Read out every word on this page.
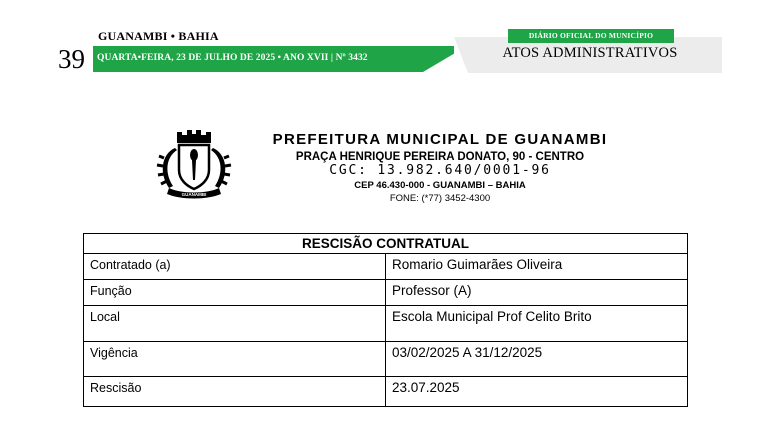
GUANAMBI • BAHIA
39 QUARTA•FEIRA, 23 DE JULHO DE 2025 • ANO XVII | Nº 3432
DIÁRIO OFICIAL DO MUNICÍPIO
ATOS ADMINISTRATIVOS
GUANAMBI
PREFEITURA MUNICIPAL DE GUANAMBI
PRAÇA HENRIQUE PEREIRA DONATO, 90 - CENTRO
CGC: 13.982.640/0001-96
CEP 46.430-000 - GUANAMBI – BAHIA
FONE: (*77) 3452-4300
RESCISÃO CONTRATUAL	
Contratado (a)	Romario Guimarães Oliveira
Função	Professor (A)
Local	Escola Municipal Prof Celito Brito
Vigência	03/02/2025 A 31/12/2025
Rescisão	23.07.2025
